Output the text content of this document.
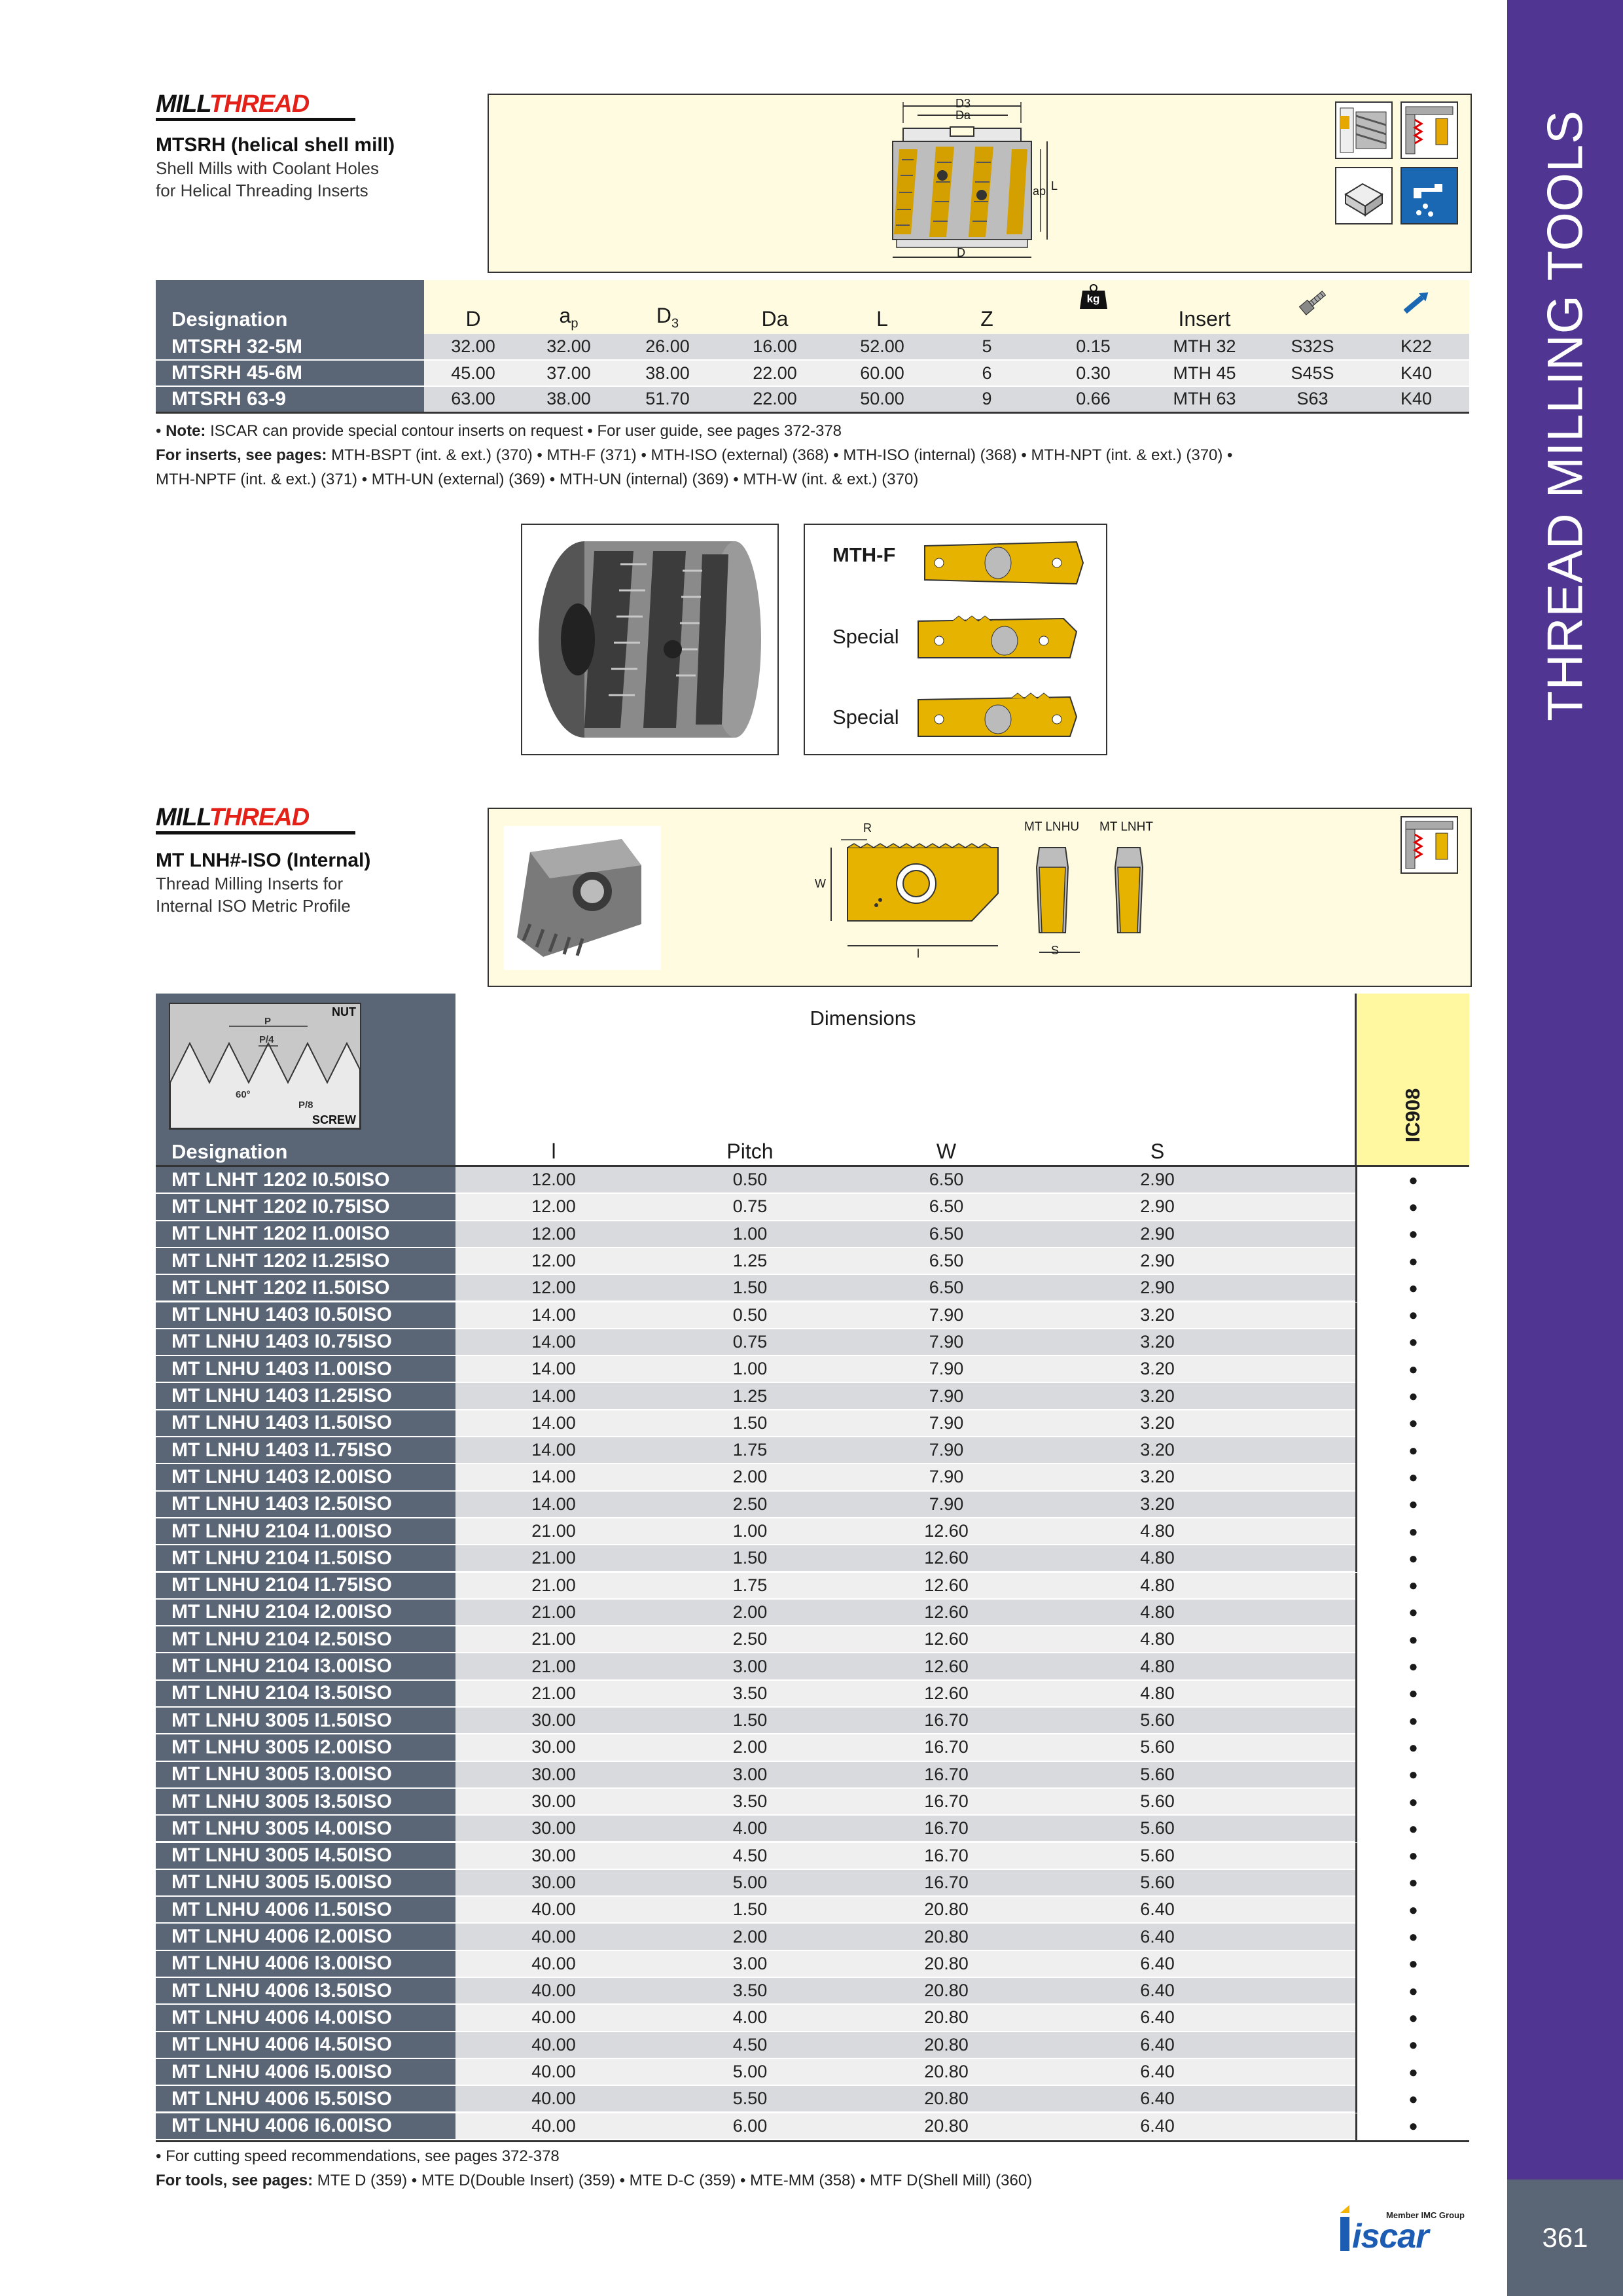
THREAD MILLING TOOLS
361
Member IMC Group
iscar
MILLTHREAD
MTSRH (helical shell mill)
Shell Mills with Coolant Holes
for Helical Threading Inserts
D3
Da
ap L
D
Designation	D	$a_p$	$D_3$	Da	L	Z	kg	Insert		
MTSRH 32-5M	32.00	32.00	26.00	16.00	52.00	5	0.15	MTH 32	S32S	K22
MTSRH 45-6M	45.00	37.00	38.00	22.00	60.00	6	0.30	MTH 45	S45S	K40
MTSRH 63-9	63.00	38.00	51.70	22.00	50.00	9	0.66	MTH 63	S63	K40
• Note: ISCAR can provide special contour inserts on request • For user guide, see pages 372-378
For inserts, see pages: MTH-BSPT (int. & ext.) (370) • MTH-F (371) • MTH-ISO (external) (368) • MTH-ISO (internal) (368) • MTH-NPT (int. & ext.) (370) •
MTH-NPTF (int. & ext.) (371) • MTH-UN (external) (369) • MTH-UN (internal) (369) • MTH-W (int. & ext.) (370)
MTH-F
Special
Special
MILLTHREAD
MT LNH#-ISO (Internal)
Thread Milling Inserts for
Internal ISO Metric Profile
R
W
l
MT LNHU MT LNHT
S
NUT
P
P/4
60°
P/8
SCREW
Designation

Dimensions
l	Pitch	W	S

IC908
MT LNHT 1202 I0.50ISO	12.00	0.50	6.50	2.90	●
MT LNHT 1202 I0.75ISO	12.00	0.75	6.50	2.90	●
MT LNHT 1202 I1.00ISO	12.00	1.00	6.50	2.90	●
MT LNHT 1202 I1.25ISO	12.00	1.25	6.50	2.90	●
MT LNHT 1202 I1.50ISO	12.00	1.50	6.50	2.90	●
MT LNHU 1403 I0.50ISO	14.00	0.50	7.90	3.20	●
MT LNHU 1403 I0.75ISO	14.00	0.75	7.90	3.20	●
MT LNHU 1403 I1.00ISO	14.00	1.00	7.90	3.20	●
MT LNHU 1403 I1.25ISO	14.00	1.25	7.90	3.20	●
MT LNHU 1403 I1.50ISO	14.00	1.50	7.90	3.20	●
MT LNHU 1403 I1.75ISO	14.00	1.75	7.90	3.20	●
MT LNHU 1403 I2.00ISO	14.00	2.00	7.90	3.20	●
MT LNHU 1403 I2.50ISO	14.00	2.50	7.90	3.20	●
MT LNHU 2104 I1.00ISO	21.00	1.00	12.60	4.80	●
MT LNHU 2104 I1.50ISO	21.00	1.50	12.60	4.80	●
MT LNHU 2104 I1.75ISO	21.00	1.75	12.60	4.80	●
MT LNHU 2104 I2.00ISO	21.00	2.00	12.60	4.80	●
MT LNHU 2104 I2.50ISO	21.00	2.50	12.60	4.80	●
MT LNHU 2104 I3.00ISO	21.00	3.00	12.60	4.80	●
MT LNHU 2104 I3.50ISO	21.00	3.50	12.60	4.80	●
MT LNHU 3005 I1.50ISO	30.00	1.50	16.70	5.60	●
MT LNHU 3005 I2.00ISO	30.00	2.00	16.70	5.60	●
MT LNHU 3005 I3.00ISO	30.00	3.00	16.70	5.60	●
MT LNHU 3005 I3.50ISO	30.00	3.50	16.70	5.60	●
MT LNHU 3005 I4.00ISO	30.00	4.00	16.70	5.60	●
MT LNHU 3005 I4.50ISO	30.00	4.50	16.70	5.60	●
MT LNHU 3005 I5.00ISO	30.00	5.00	16.70	5.60	●
MT LNHU 4006 I1.50ISO	40.00	1.50	20.80	6.40	●
MT LNHU 4006 I2.00ISO	40.00	2.00	20.80	6.40	●
MT LNHU 4006 I3.00ISO	40.00	3.00	20.80	6.40	●
MT LNHU 4006 I3.50ISO	40.00	3.50	20.80	6.40	●
MT LNHU 4006 I4.00ISO	40.00	4.00	20.80	6.40	●
MT LNHU 4006 I4.50ISO	40.00	4.50	20.80	6.40	●
MT LNHU 4006 I5.00ISO	40.00	5.00	20.80	6.40	●
MT LNHU 4006 I5.50ISO	40.00	5.50	20.80	6.40	●
MT LNHU 4006 I6.00ISO	40.00	6.00	20.80	6.40	●
• For cutting speed recommendations, see pages 372-378
For tools, see pages: MTE D (359) • MTE D(Double Insert) (359) • MTE D-C (359) • MTE-MM (358) • MTF D(Shell Mill) (360)
